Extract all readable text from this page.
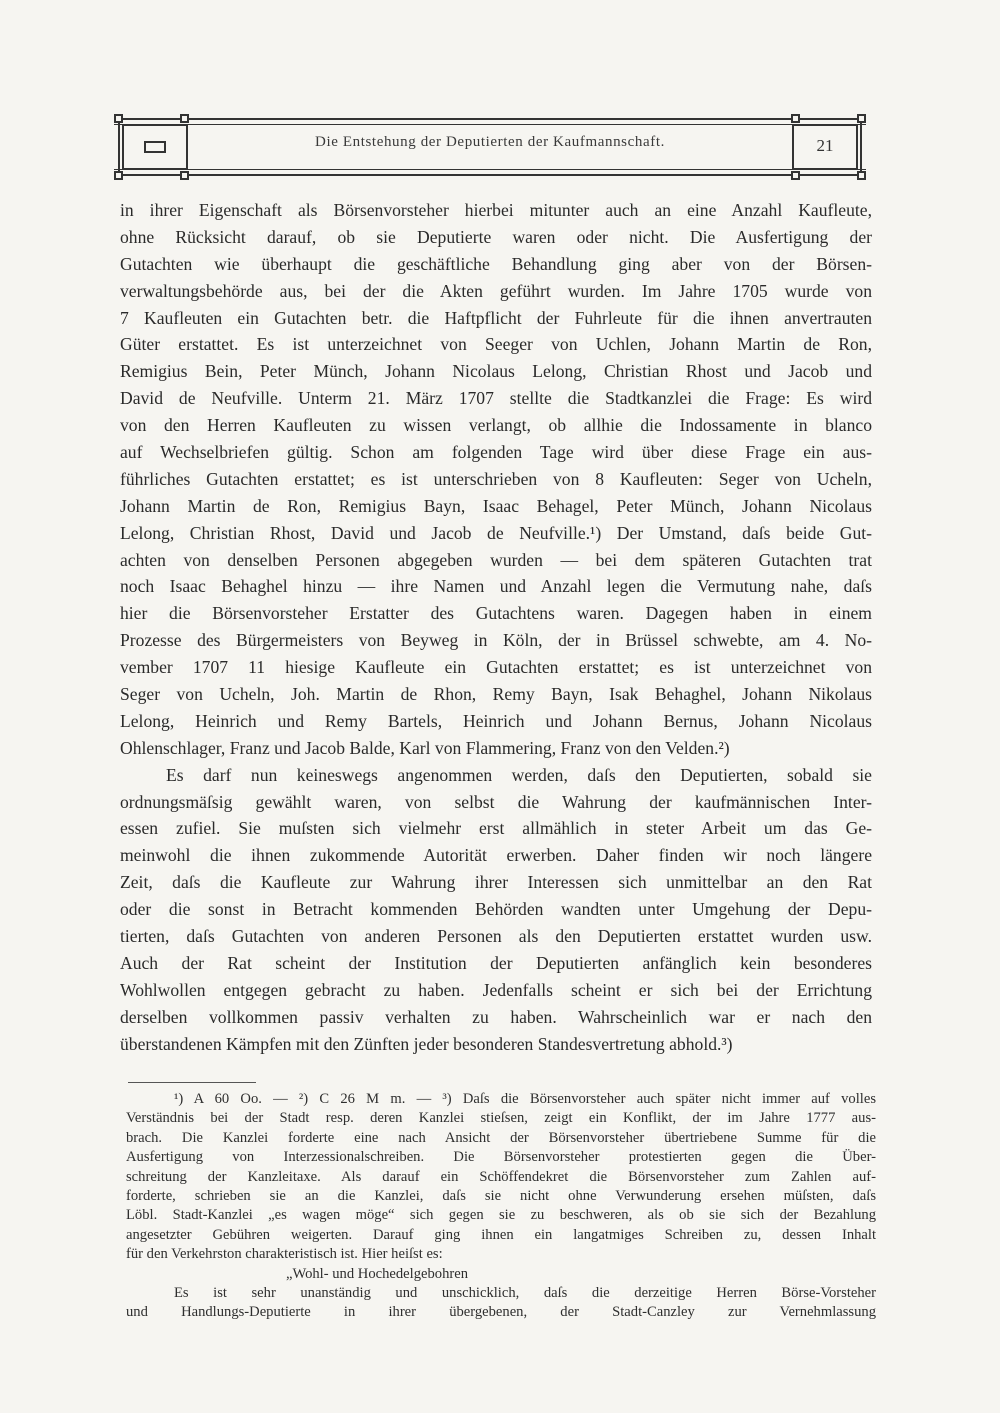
Die Entstehung der Deputierten der Kaufmannschaft.	21
in ihrer Eigenschaft als Börsenvorsteher hierbei mitunter auch an eine Anzahl Kaufleute,
ohne Rücksicht darauf, ob sie Deputierte waren oder nicht. Die Ausfertigung der
Gutachten wie überhaupt die geschäftliche Behandlung ging aber von der Börsen-
verwaltungsbehörde aus, bei der die Akten geführt wurden. Im Jahre 1705 wurde von
7 Kaufleuten ein Gutachten betr. die Haftpflicht der Fuhrleute für die ihnen anvertrauten
Güter erstattet. Es ist unterzeichnet von Seeger von Uchlen, Johann Martin de Ron,
Remigius Bein, Peter Münch, Johann Nicolaus Lelong, Christian Rhost und Jacob und
David de Neufville. Unterm 21. März 1707 stellte die Stadtkanzlei die Frage: Es wird
von den Herren Kaufleuten zu wissen verlangt, ob allhie die Indossamente in blanco
auf Wechselbriefen gültig. Schon am folgenden Tage wird über diese Frage ein aus-
führliches Gutachten erstattet; es ist unterschrieben von 8 Kaufleuten: Seger von Ucheln,
Johann Martin de Ron, Remigius Bayn, Isaac Behagel, Peter Münch, Johann Nicolaus
Lelong, Christian Rhost, David und Jacob de Neufville.¹) Der Umstand, daſs beide Gut-
achten von denselben Personen abgegeben wurden — bei dem späteren Gutachten trat
noch Isaac Behaghel hinzu — ihre Namen und Anzahl legen die Vermutung nahe, daſs
hier die Börsenvorsteher Erstatter des Gutachtens waren. Dagegen haben in einem
Prozesse des Bürgermeisters von Beyweg in Köln, der in Brüssel schwebte, am 4. No-
vember 1707 11 hiesige Kaufleute ein Gutachten erstattet; es ist unterzeichnet von
Seger von Ucheln, Joh. Martin de Rhon, Remy Bayn, Isak Behaghel, Johann Nikolaus
Lelong, Heinrich und Remy Bartels, Heinrich und Johann Bernus, Johann Nicolaus
Ohlenschlager, Franz und Jacob Balde, Karl von Flammering, Franz von den Velden.²)
Es darf nun keineswegs angenommen werden, daſs den Deputierten, sobald sie
ordnungsmäſsig gewählt waren, von selbst die Wahrung der kaufmännischen Inter-
essen zufiel. Sie muſsten sich vielmehr erst allmählich in steter Arbeit um das Ge-
meinwohl die ihnen zukommende Autorität erwerben. Daher finden wir noch längere
Zeit, daſs die Kaufleute zur Wahrung ihrer Interessen sich unmittelbar an den Rat
oder die sonst in Betracht kommenden Behörden wandten unter Umgehung der Depu-
tierten, daſs Gutachten von anderen Personen als den Deputierten erstattet wurden usw.
Auch der Rat scheint der Institution der Deputierten anfänglich kein besonderes
Wohlwollen entgegen gebracht zu haben. Jedenfalls scheint er sich bei der Errichtung
derselben vollkommen passiv verhalten zu haben. Wahrscheinlich war er nach den
überstandenen Kämpfen mit den Zünften jeder besonderen Standesvertretung abhold.³)
¹) A 60 Oo. — ²) C 26 M m. — ³) Daſs die Börsenvorsteher auch später nicht immer auf volles
Verständnis bei der Stadt resp. deren Kanzlei stieſsen, zeigt ein Konflikt, der im Jahre 1777 aus-
brach. Die Kanzlei forderte eine nach Ansicht der Börsenvorsteher übertriebene Summe für die
Ausfertigung von Interzessionalschreiben. Die Börsenvorsteher protestierten gegen die Über-
schreitung der Kanzleitaxe. Als darauf ein Schöffendekret die Börsenvorsteher zum Zahlen auf-
forderte, schrieben sie an die Kanzlei, daſs sie nicht ohne Verwunderung ersehen müſsten, daſs
Löbl. Stadt-Kanzlei „es wagen möge“ sich gegen sie zu beschweren, als ob sie sich der Bezahlung
angesetzter Gebühren weigerten. Darauf ging ihnen ein langatmiges Schreiben zu, dessen Inhalt
für den Verkehrston charakteristisch ist. Hier heiſst es:
„Wohl- und Hochedelgebohren
Es ist sehr unanständig und unschicklich, daſs die derzeitige Herren Börse-Vorsteher
und Handlungs-Deputierte in ihrer übergebenen, der Stadt-Canzley zur Vernehmlassung
